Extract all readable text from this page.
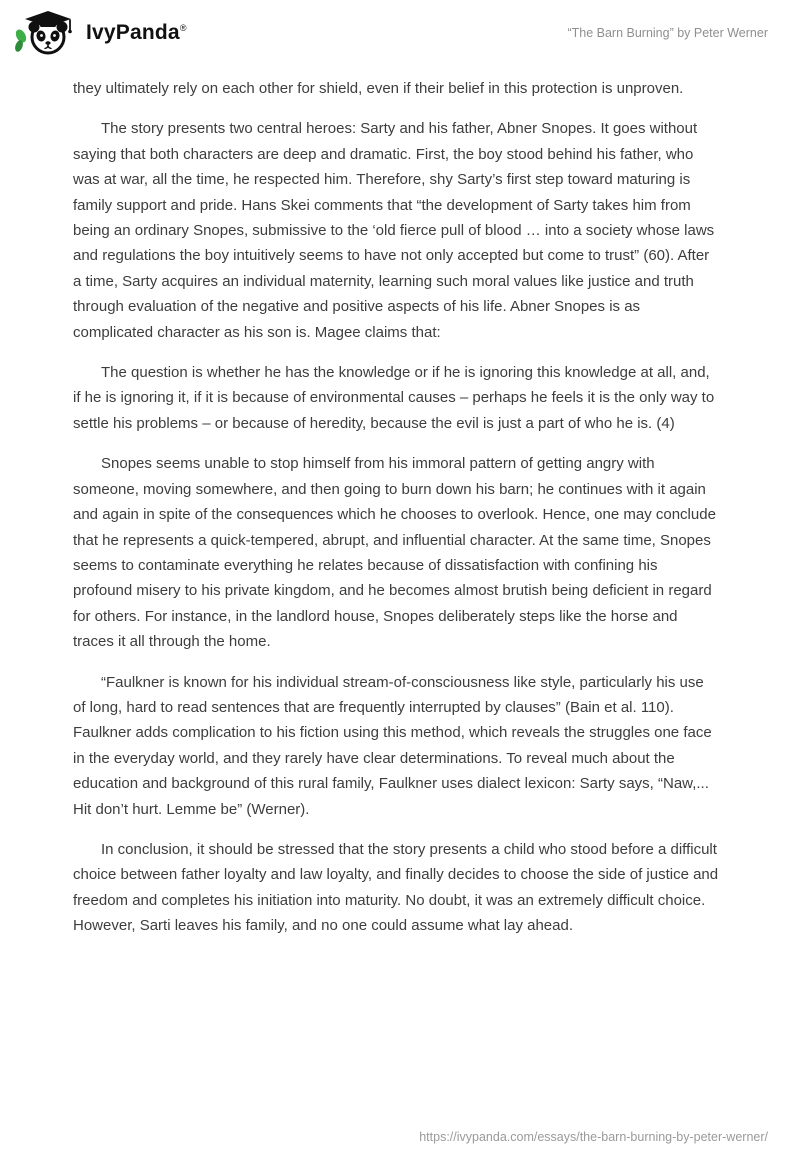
IvyPanda®	“The Barn Burning” by Peter Werner

they ultimately rely on each other for shield, even if their belief in this protection is unproven.

The story presents two central heroes: Sarty and his father, Abner Snopes. It goes without saying that both characters are deep and dramatic. First, the boy stood behind his father, who was at war, all the time, he respected him. Therefore, shy Sarty’s first step toward maturing is family support and pride. Hans Skei comments that “the development of Sarty takes him from being an ordinary Snopes, submissive to the ‘old fierce pull of blood … into a society whose laws and regulations the boy intuitively seems to have not only accepted but come to trust” (60). After a time, Sarty acquires an individual maternity, learning such moral values like justice and truth through evaluation of the negative and positive aspects of his life. Abner Snopes is as complicated character as his son is. Magee claims that:

The question is whether he has the knowledge or if he is ignoring this knowledge at all, and, if he is ignoring it, if it is because of environmental causes – perhaps he feels it is the only way to settle his problems – or because of heredity, because the evil is just a part of who he is. (4)

Snopes seems unable to stop himself from his immoral pattern of getting angry with someone, moving somewhere, and then going to burn down his barn; he continues with it again and again in spite of the consequences which he chooses to overlook. Hence, one may conclude that he represents a quick-tempered, abrupt, and influential character. At the same time, Snopes seems to contaminate everything he relates because of dissatisfaction with confining his profound misery to his private kingdom, and he becomes almost brutish being deficient in regard for others. For instance, in the landlord house, Snopes deliberately steps like the horse and traces it all through the home.

“Faulkner is known for his individual stream-of-consciousness like style, particularly his use of long, hard to read sentences that are frequently interrupted by clauses” (Bain et al. 110). Faulkner adds complication to his fiction using this method, which reveals the struggles one face in the everyday world, and they rarely have clear determinations. To reveal much about the education and background of this rural family, Faulkner uses dialect lexicon: Sarty says, “Naw,... Hit don’t hurt. Lemme be” (Werner).

In conclusion, it should be stressed that the story presents a child who stood before a difficult choice between father loyalty and law loyalty, and finally decides to choose the side of justice and freedom and completes his initiation into maturity. No doubt, it was an extremely difficult choice. However, Sarti leaves his family, and no one could assume what lay ahead.

https://ivypanda.com/essays/the-barn-burning-by-peter-werner/
